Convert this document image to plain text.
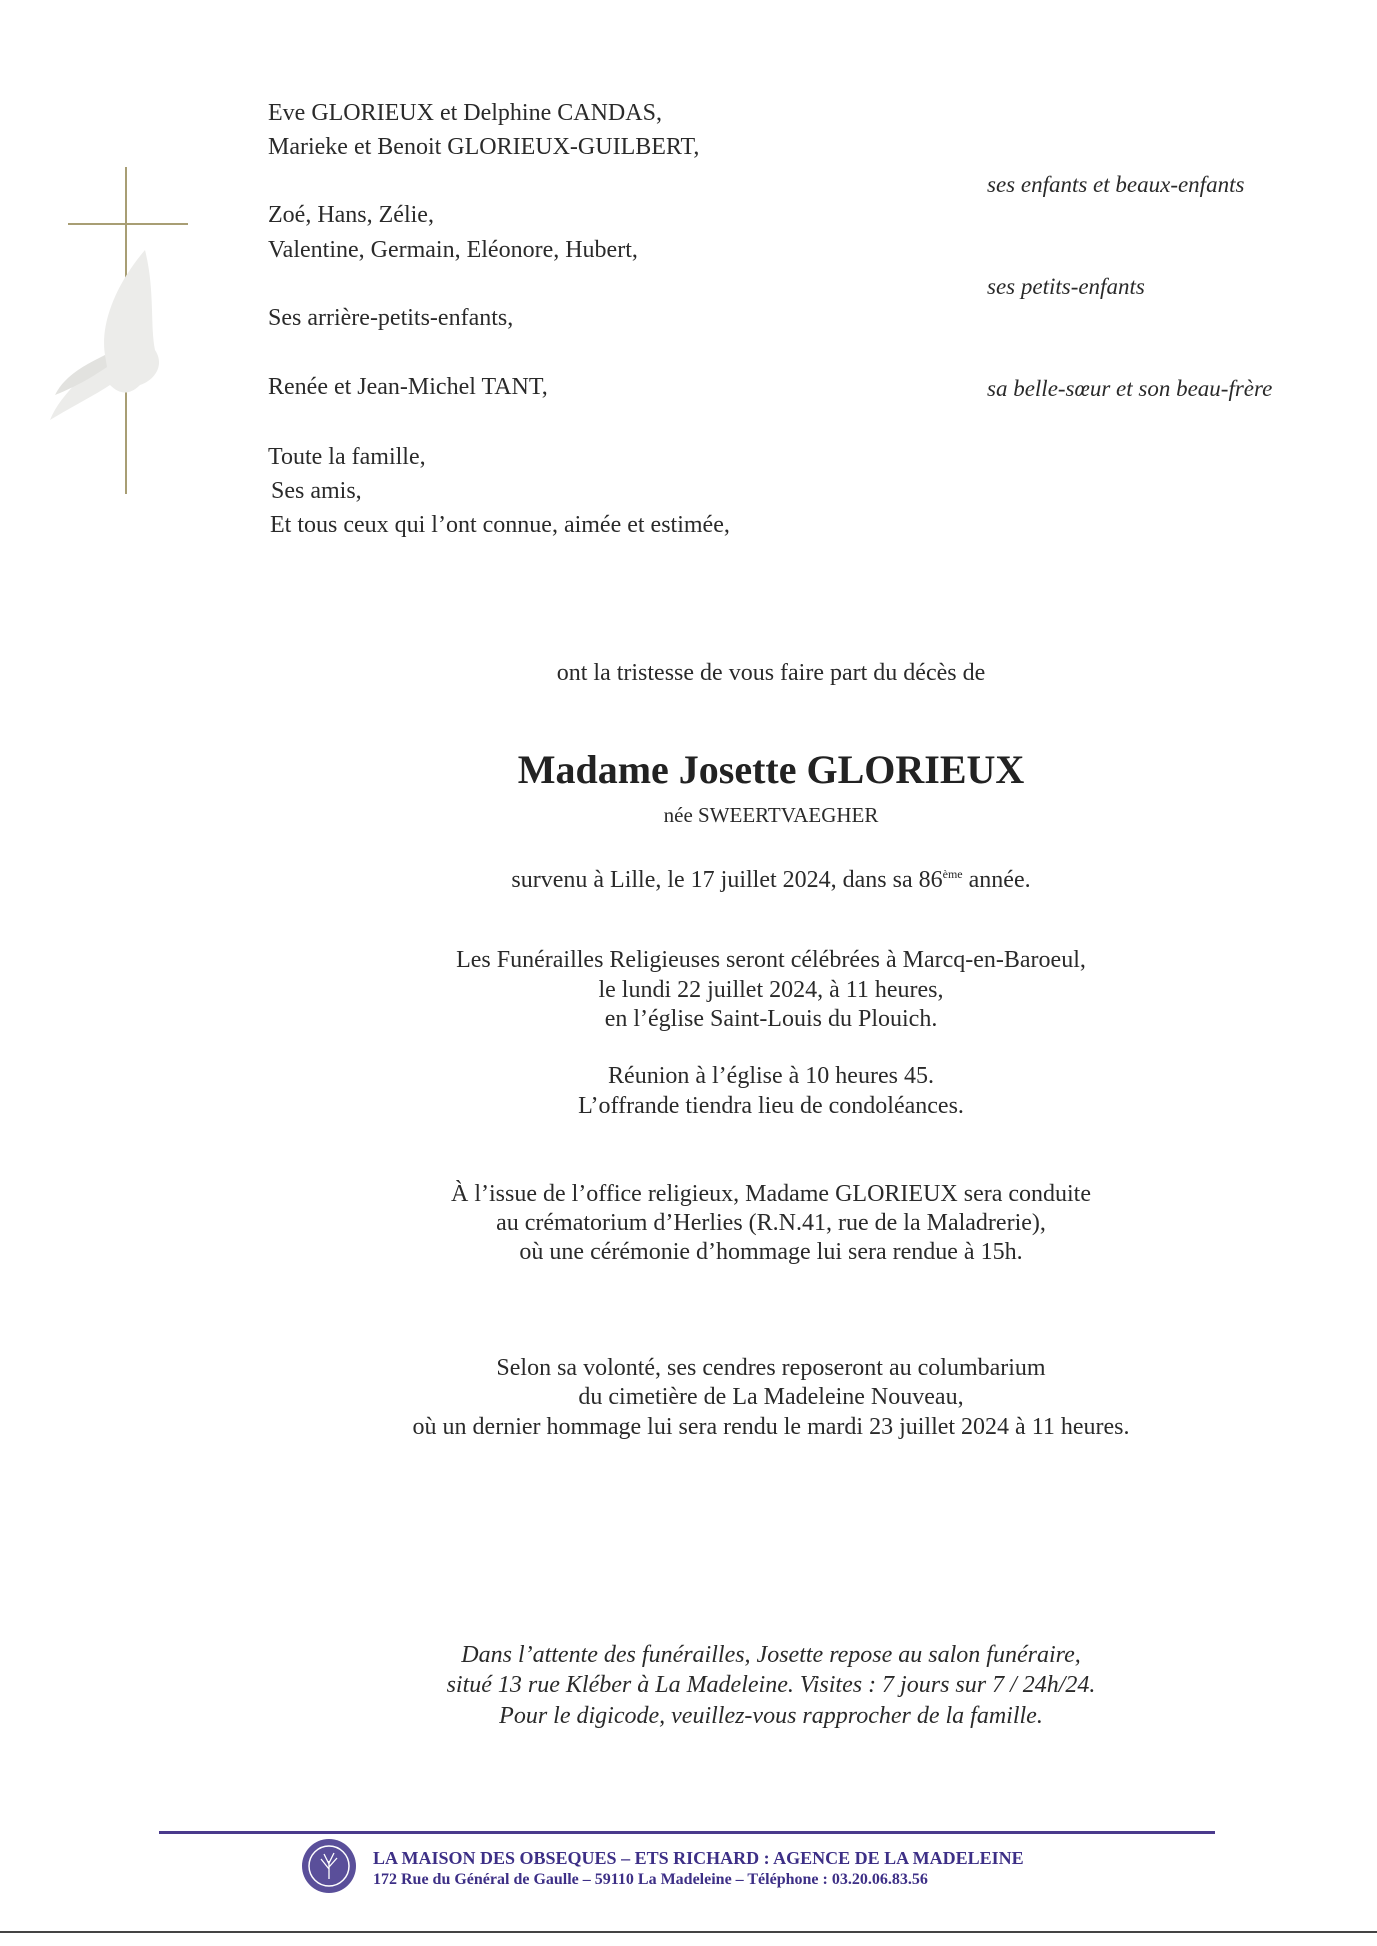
Eve GLORIEUX et Delphine CANDAS,
Marieke et Benoit GLORIEUX-GUILBERT,
ses enfants et beaux-enfants
Zoé, Hans, Zélie,
Valentine, Germain, Eléonore, Hubert,
ses petits-enfants
Ses arrière-petits-enfants,
Renée et Jean-Michel TANT,	sa belle-sœur et son beau-frère
Toute la famille,
Ses amis,
Et tous ceux qui l’ont connue, aimée et estimée,
ont la tristesse de vous faire part du décès de
Madame Josette GLORIEUX
née SWEERTVAEGHER
survenu à Lille, le 17 juillet 2024, dans sa 86ème année.
Les Funérailles Religieuses seront célébrées à Marcq-en-Baroeul,
le lundi 22 juillet 2024, à 11 heures,
en l’église Saint-Louis du Plouich.
Réunion à l’église à 10 heures 45.
L’offrande tiendra lieu de condoléances.
À l’issue de l’office religieux, Madame GLORIEUX sera conduite
au crématorium d’Herlies (R.N.41, rue de la Maladrerie),
où une cérémonie d’hommage lui sera rendue à 15h.
Selon sa volonté, ses cendres reposeront au columbarium
du cimetière de La Madeleine Nouveau,
où un dernier hommage lui sera rendu le mardi 23 juillet 2024 à 11 heures.
Dans l’attente des funérailles, Josette repose au salon funéraire,
situé 13 rue Kléber à La Madeleine. Visites : 7 jours sur 7 / 24h/24.
Pour le digicode, veuillez-vous rapprocher de la famille.
LA MAISON DES OBSEQUES – ETS RICHARD : AGENCE DE LA MADELEINE
172 Rue du Général de Gaulle – 59110 La Madeleine – Téléphone : 03.20.06.83.56
